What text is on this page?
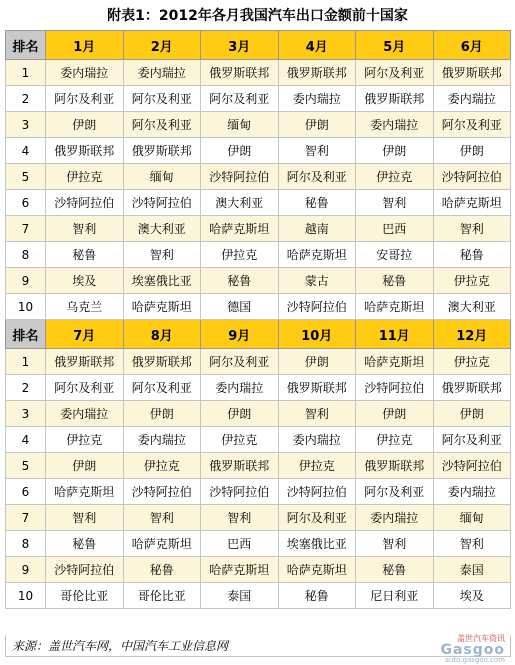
附表1： 2012年各月我国汽车出口金额前十国家
排名	1月	2月	3月	4月	5月	6月
1	委内瑞拉	委内瑞拉	俄罗斯联邦	俄罗斯联邦	阿尔及利亚	俄罗斯联邦
2	阿尔及利亚	阿尔及利亚	阿尔及利亚	委内瑞拉	俄罗斯联邦	委内瑞拉
3	伊朗	阿尔及利亚	缅甸	伊朗	委内瑞拉	阿尔及利亚
4	俄罗斯联邦	俄罗斯联邦	伊朗	智利	伊朗	伊朗
5	伊拉克	缅甸	沙特阿拉伯	阿尔及利亚	伊拉克	沙特阿拉伯
6	沙特阿拉伯	沙特阿拉伯	澳大利亚	秘鲁	智利	哈萨克斯坦
7	智利	澳大利亚	哈萨克斯坦	越南	巴西	智利
8	秘鲁	智利	伊拉克	哈萨克斯坦	安哥拉	秘鲁
9	埃及	埃塞俄比亚	秘鲁	蒙古	秘鲁	伊拉克
10	乌克兰	哈萨克斯坦	德国	沙特阿拉伯	哈萨克斯坦	澳大利亚
排名	7月	8月	9月	10月	11月	12月
1	俄罗斯联邦	俄罗斯联邦	阿尔及利亚	伊朗	哈萨克斯坦	伊拉克
2	阿尔及利亚	阿尔及利亚	委内瑞拉	俄罗斯联邦	沙特阿拉伯	俄罗斯联邦
3	委内瑞拉	伊朗	伊朗	智利	伊朗	伊朗
4	伊拉克	委内瑞拉	伊拉克	委内瑞拉	伊拉克	阿尔及利亚
5	伊朗	伊拉克	俄罗斯联邦	伊拉克	俄罗斯联邦	沙特阿拉伯
6	哈萨克斯坦	沙特阿拉伯	沙特阿拉伯	沙特阿拉伯	阿尔及利亚	委内瑞拉
7	智利	智利	智利	阿尔及利亚	委内瑞拉	缅甸
8	秘鲁	哈萨克斯坦	巴西	埃塞俄比亚	智利	智利
9	沙特阿拉伯	秘鲁	哈萨克斯坦	哈萨克斯坦	秘鲁	泰国
10	哥伦比亚	哥伦比亚	泰国	秘鲁	尼日利亚	埃及
来源：盖世汽车网，中国汽车工业信息网
盖世汽车资讯
Gasgoo
auto.gasgoo.com
